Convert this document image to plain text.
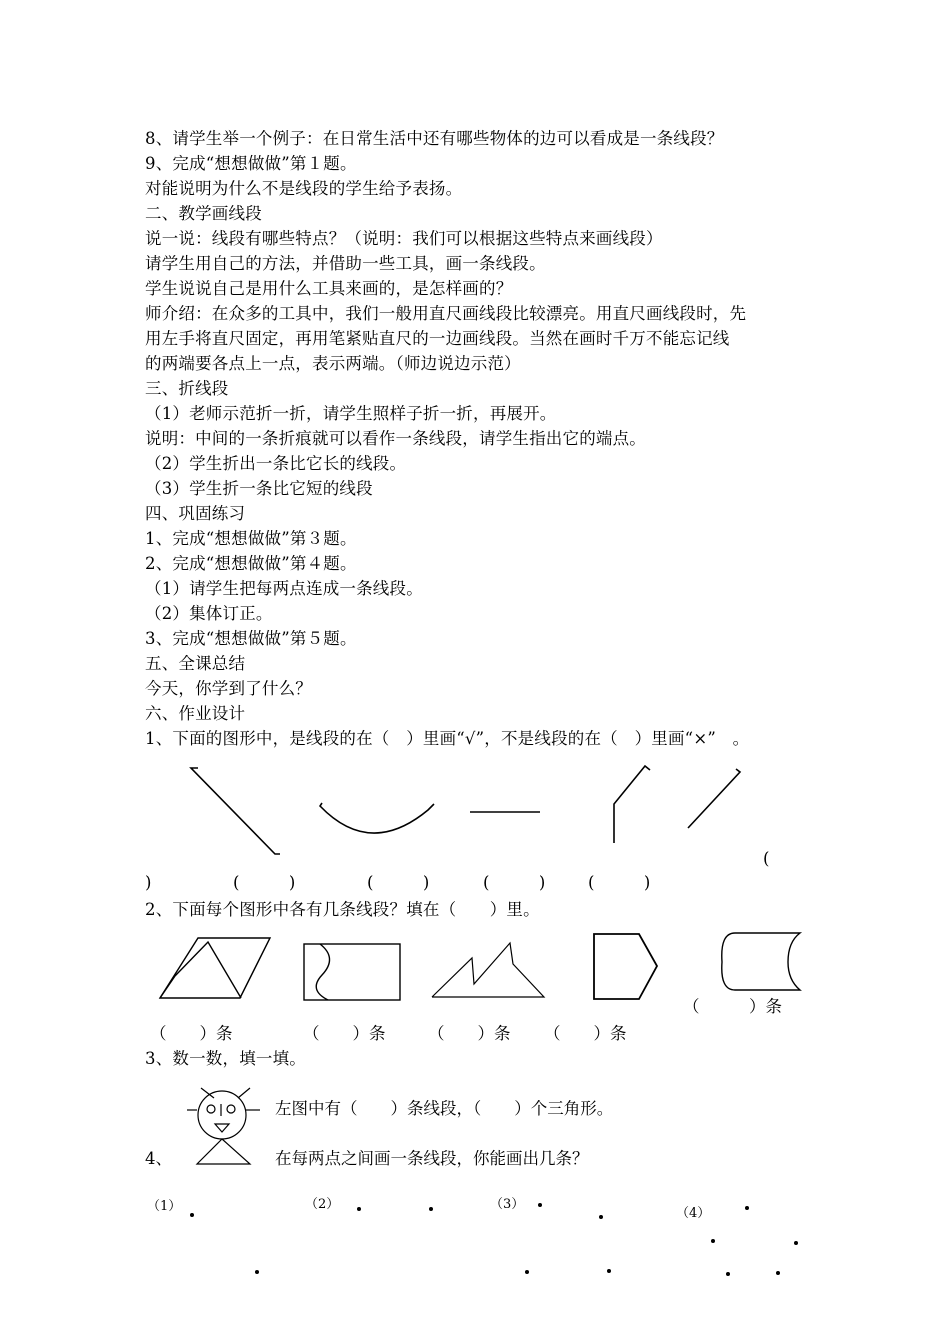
8、请学生举一个例子：在日常生活中还有哪些物体的边可以看成是一条线段？
9、完成“想想做做”第１题。
对能说明为什么不是线段的学生给予表扬。
二、教学画线段
说一说：线段有哪些特点？（说明：我们可以根据这些特点来画线段）
请学生用自己的方法，并借助一些工具，画一条线段。
学生说说自己是用什么工具来画的，是怎样画的？
师介绍：在众多的工具中，我们一般用直尺画线段比较漂亮。用直尺画线段时，先
用左手将直尺固定，再用笔紧贴直尺的一边画线段。当然在画时千万不能忘记线
的两端要各点上一点，表示两端。（师边说边示范）
三、折线段
（1）老师示范折一折，请学生照样子折一折，再展开。
说明：中间的一条折痕就可以看作一条线段，请学生指出它的端点。
（2）学生折出一条比它长的线段。
（3）学生折一条比它短的线段
四、巩固练习
1、完成“想想做做”第３题。
2、完成“想想做做”第４题。
（1）请学生把每两点连成一条线段。
（2）集体订正。
3、完成“想想做做”第５题。
五、全课总结
今天，你学到了什么？
六、作业设计
1、下面的图形中，是线段的在（　）里画“√”，不是线段的在（　）里画“×”　。
(
)	(　　　)	(　　　)	(　　　)	(　　　)
2、下面每个图形中各有几条线段？填在（　　）里。
（　　　）条
（　　）条	（　　）条	（　　）条 （　　）条
3、数一数，填一填。
左图中有（　　）条线段，（　　）个三角形。
4、	在每两点之间画一条线段，你能画出几条？
（1）	（2）	（3）
（4）
